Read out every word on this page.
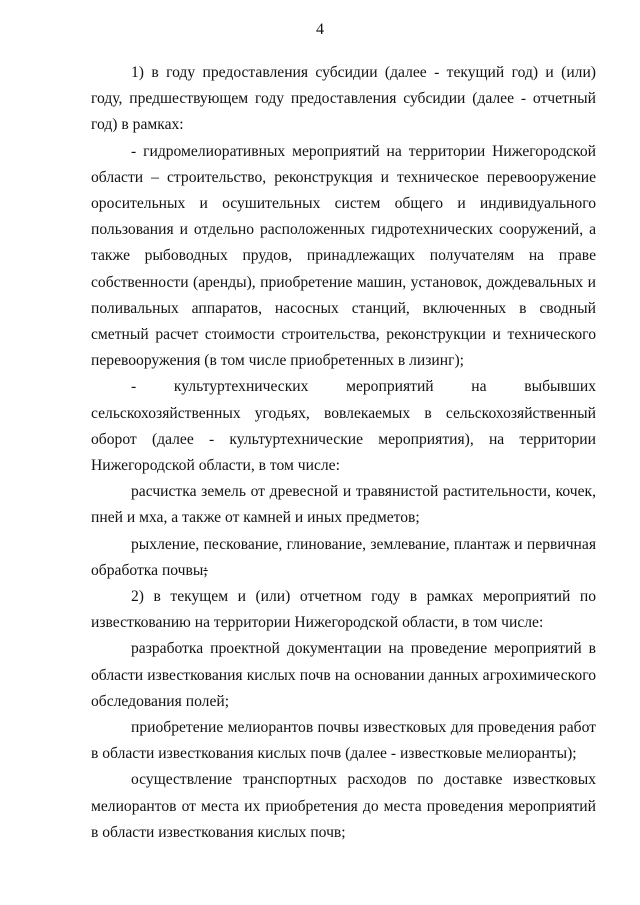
4

1) в году предоставления субсидии (далее - текущий год) и (или) году, предшествующем году предоставления субсидии (далее - отчетный год) в рамках:

- гидромелиоративных мероприятий на территории Нижегородской области – строительство, реконструкция и техническое перевооружение оросительных и осушительных систем общего и индивидуального пользования и отдельно расположенных гидротехнических сооружений, а также рыбоводных прудов, принадлежащих получателям на праве собственности (аренды), приобретение машин, установок, дождевальных и поливальных аппаратов, насосных станций, включенных в сводный сметный расчет стоимости строительства, реконструкции и технического перевооружения (в том числе приобретенных в лизинг);

- культуртехнических мероприятий на выбывших сельскохозяйственных угодьях, вовлекаемых в сельскохозяйственный оборот (далее - культуртехнические мероприятия), на территории Нижегородской области, в том числе:

расчистка земель от древесной и травянистой растительности, кочек, пней и мха, а также от камней и иных предметов;

рыхление, пескование, глинование, землевание, плантаж и первичная обработка почвы;

2) в текущем и (или) отчетном году в рамках мероприятий по известкованию на территории Нижегородской области, в том числе:

разработка проектной документации на проведение мероприятий в области известкования кислых почв на основании данных агрохимического обследования полей;

приобретение мелиорантов почвы известковых для проведения работ в области известкования кислых почв (далее - известковые мелиоранты);

осуществление транспортных расходов по доставке известковых мелиорантов от места их приобретения до места проведения мероприятий в области известкования кислых почв;
